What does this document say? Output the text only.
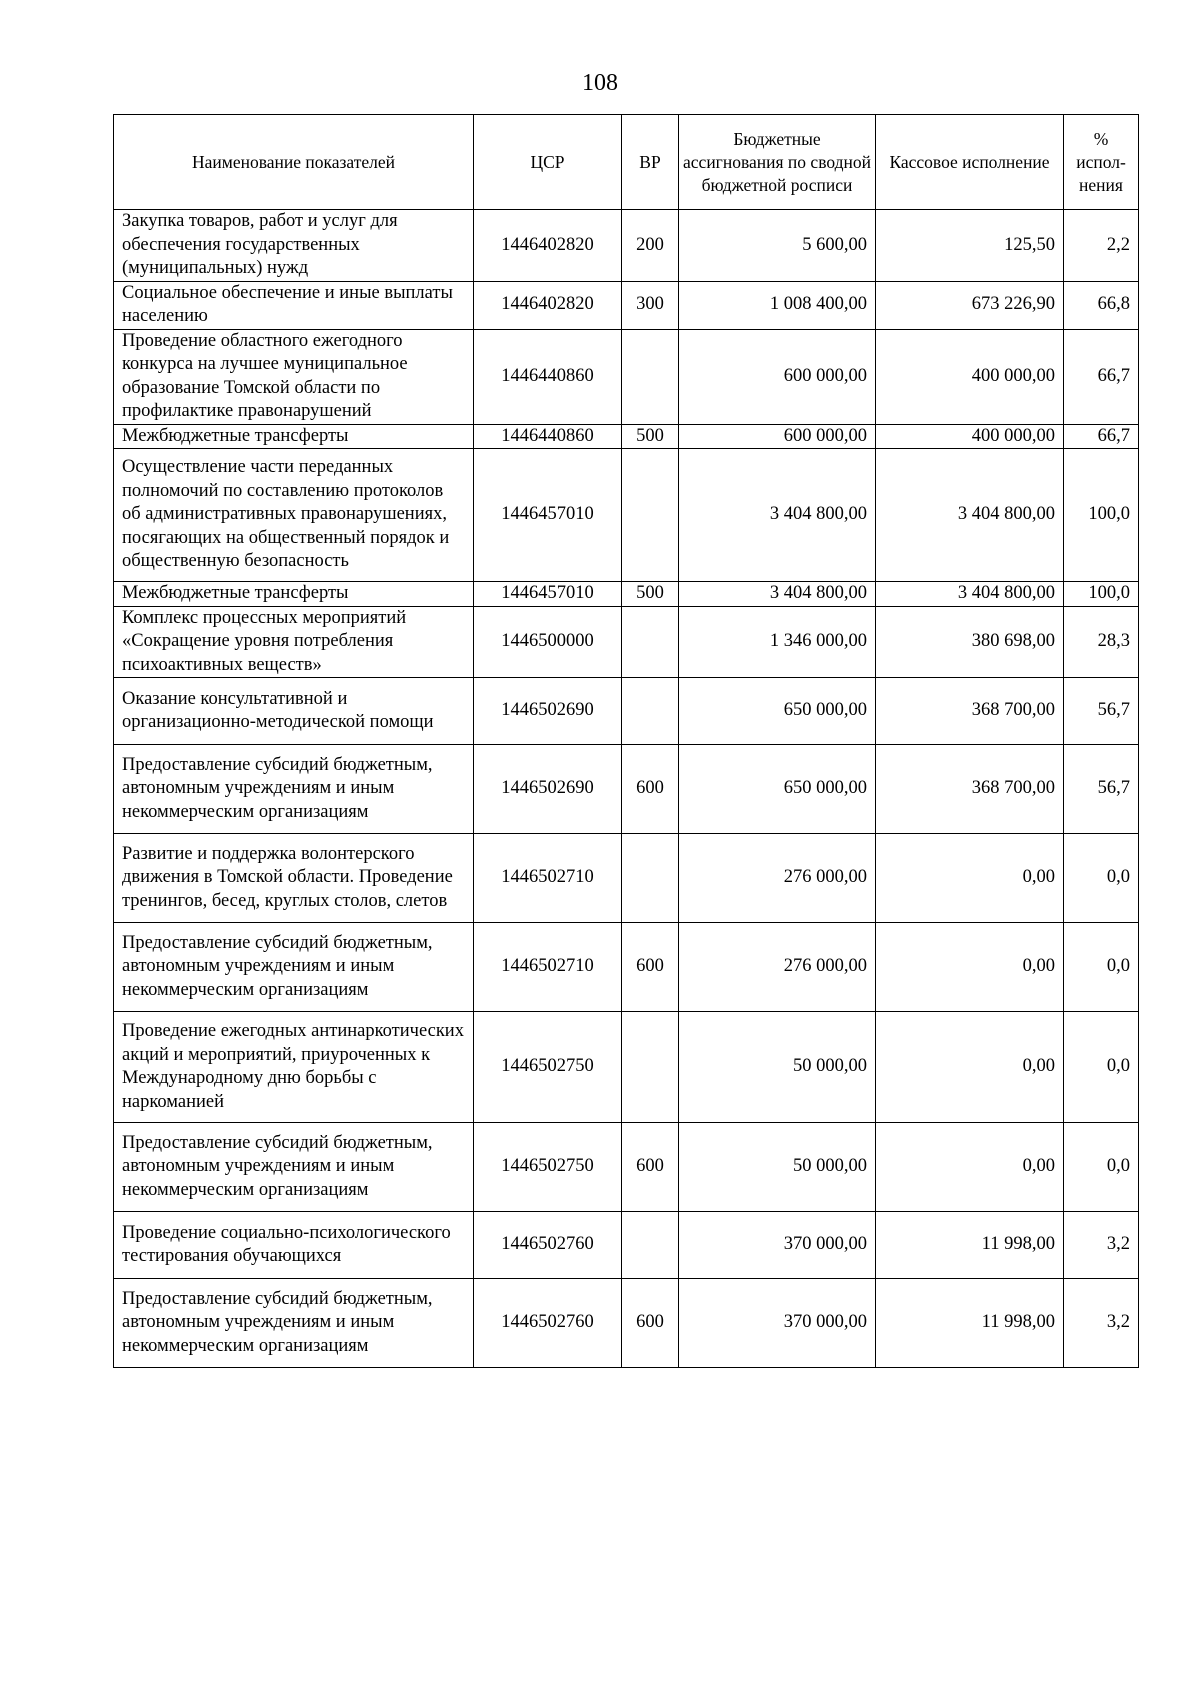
108
Наименование показателей	ЦСР	ВР	Бюджетные ассигнования по сводной бюджетной росписи	Кассовое исполнение	% испол-нения
Закупка товаров, работ и услуг для обеспечения государственных (муниципальных) нужд	1446402820	200	5 600,00	125,50	2,2
Социальное обеспечение и иные выплаты населению	1446402820	300	1 008 400,00	673 226,90	66,8
Проведение областного ежегодного конкурса на лучшее муниципальное образование Томской области по профилактике правонарушений	1446440860		600 000,00	400 000,00	66,7
Межбюджетные трансферты	1446440860	500	600 000,00	400 000,00	66,7
Осуществление части переданных полномочий по составлению протоколов об административных правонарушениях, посягающих на общественный порядок и общественную безопасность	1446457010		3 404 800,00	3 404 800,00	100,0
Межбюджетные трансферты	1446457010	500	3 404 800,00	3 404 800,00	100,0
Комплекс процессных мероприятий «Сокращение уровня потребления психоактивных веществ»	1446500000		1 346 000,00	380 698,00	28,3
Оказание консультативной и организационно-методической помощи	1446502690		650 000,00	368 700,00	56,7
Предоставление субсидий бюджетным, автономным учреждениям и иным некоммерческим организациям	1446502690	600	650 000,00	368 700,00	56,7
Развитие и поддержка волонтерского движения в Томской области. Проведение тренингов, бесед, круглых столов, слетов	1446502710		276 000,00	0,00	0,0
Предоставление субсидий бюджетным, автономным учреждениям и иным некоммерческим организациям	1446502710	600	276 000,00	0,00	0,0
Проведение ежегодных антинаркотических акций и мероприятий, приуроченных к Международному дню борьбы с наркоманией	1446502750		50 000,00	0,00	0,0
Предоставление субсидий бюджетным, автономным учреждениям и иным некоммерческим организациям	1446502750	600	50 000,00	0,00	0,0
Проведение социально-психологического тестирования обучающихся	1446502760		370 000,00	11 998,00	3,2
Предоставление субсидий бюджетным, автономным учреждениям и иным некоммерческим организациям	1446502760	600	370 000,00	11 998,00	3,2
